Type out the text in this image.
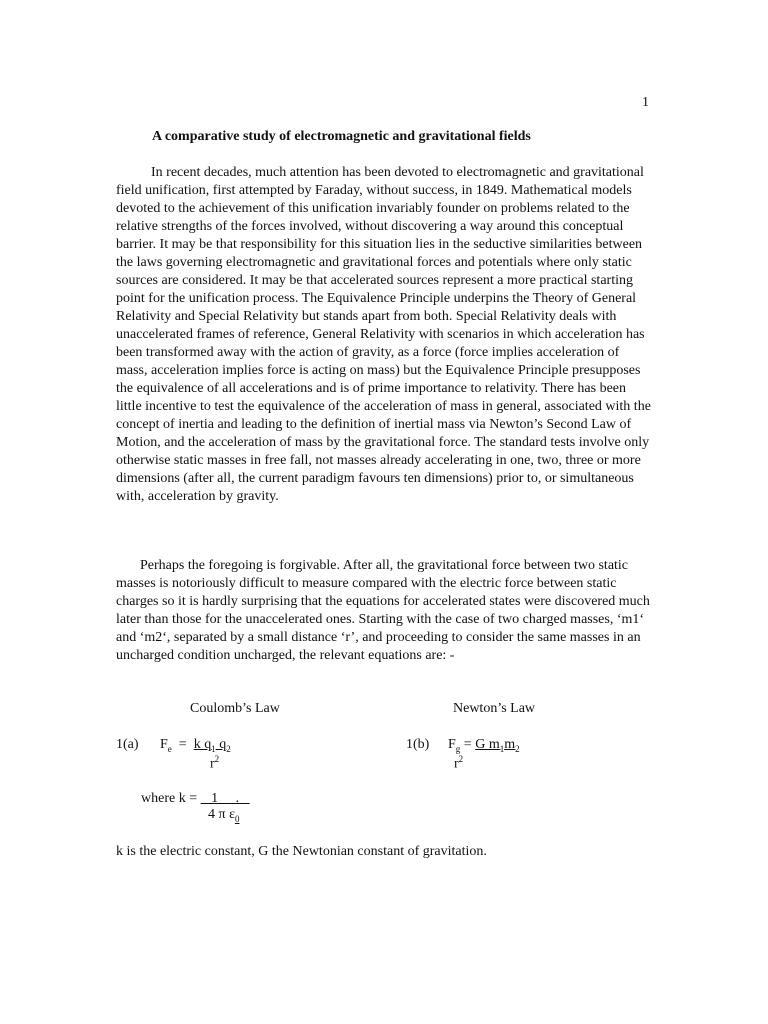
1
A comparative study of electromagnetic and gravitational fields

In recent decades, much attention has been devoted to electromagnetic and gravitational field unification, first attempted by Faraday, without success, in 1849. Mathematical models devoted to the achievement of this unification invariably founder on problems related to the relative strengths of the forces involved, without discovering a way around this conceptual barrier. It may be that responsibility for this situation lies in the seductive similarities between the laws governing electromagnetic and gravitational forces and potentials where only static sources are considered. It may be that accelerated sources represent a more practical starting point for the unification process. The Equivalence Principle underpins the Theory of General Relativity and Special Relativity but stands apart from both. Special Relativity deals with unaccelerated frames of reference, General Relativity with scenarios in which acceleration has been transformed away with the action of gravity, as a force (force implies acceleration of mass, acceleration implies force is acting on mass) but the Equivalence Principle presupposes the equivalence of all accelerations and is of prime importance to relativity. There has been little incentive to test the equivalence of the acceleration of mass in general, associated with the concept of inertia and leading to the definition of inertial mass via Newton’s Second Law of Motion, and the acceleration of mass by the gravitational force. The standard tests involve only otherwise static masses in free fall, not masses already accelerating in one, two, three or more dimensions (after all, the current paradigm favours ten dimensions) prior to, or simultaneous with, acceleration by gravity.

Perhaps the foregoing is forgivable. After all, the gravitational force between two static masses is notoriously difficult to measure compared with the electric force between static charges so it is hardly surprising that the equations for accelerated states were discovered much later than those for the unaccelerated ones. Starting with the case of two charged masses, ‘m1‘ and ‘m2‘, separated by a small distance ‘r’, and proceeding to consider the same masses in an uncharged condition uncharged, the relevant equations are: -

Coulomb’s Law	Newton’s Law
1(a) $F_e = k$ $q_1$ $q_2$
$r^2$
1(b) $F_g = G$ $m_1m_2$
$r^2$
where k =    1     .
4 π $\varepsilon_0$
k is the electric constant, G the Newtonian constant of gravitation.
